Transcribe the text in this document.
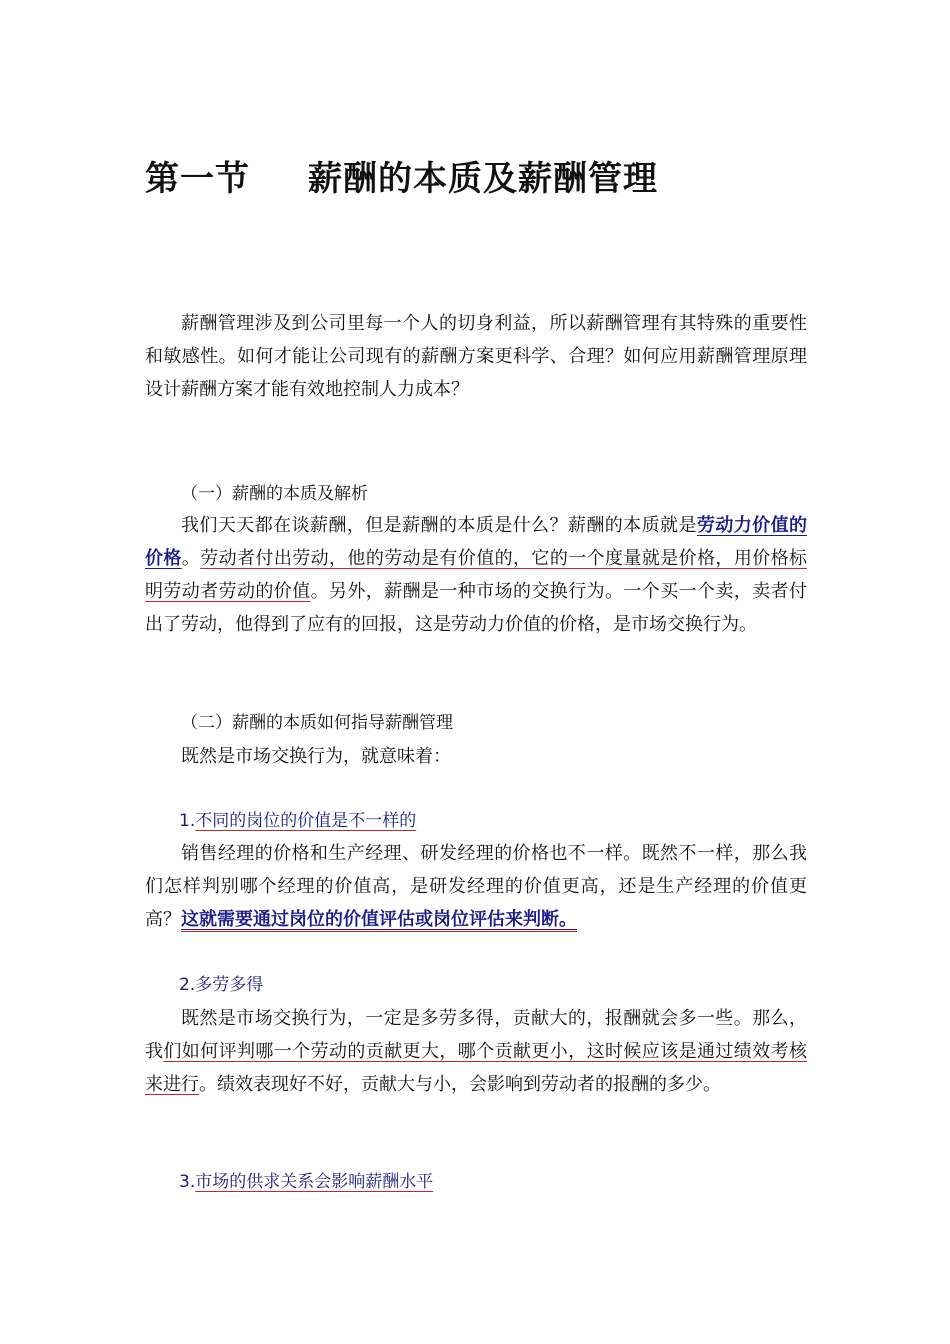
第一节 薪酬的本质及薪酬管理

薪酬管理涉及到公司里每一个人的切身利益，所以薪酬管理有其特殊的重要性和敏感性。如何才能让公司现有的薪酬方案更科学、合理？如何应用薪酬管理原理设计薪酬方案才能有效地控制人力成本？

（一）薪酬的本质及解析

我们天天都在谈薪酬，但是薪酬的本质是什么？薪酬的本质就是劳动力价值的价格。劳动者付出劳动，他的劳动是有价值的，它的一个度量就是价格，用价格标明劳动者劳动的价值。另外，薪酬是一种市场的交换行为。一个买一个卖，卖者付出了劳动，他得到了应有的回报，这是劳动力价值的价格，是市场交换行为。

（二）薪酬的本质如何指导薪酬管理

既然是市场交换行为，就意味着：

1.不同的岗位的价值是不一样的

销售经理的价格和生产经理、研发经理的价格也不一样。既然不一样，那么我们怎样判别哪个经理的价值高，是研发经理的价值更高，还是生产经理的价值更高？这就需要通过岗位的价值评估或岗位评估来判断。

2.多劳多得

既然是市场交换行为，一定是多劳多得，贡献大的，报酬就会多一些。那么，我们如何评判哪一个劳动的贡献更大，哪个贡献更小，这时候应该是通过绩效考核来进行。绩效表现好不好，贡献大与小，会影响到劳动者的报酬的多少。

3.市场的供求关系会影响薪酬水平
